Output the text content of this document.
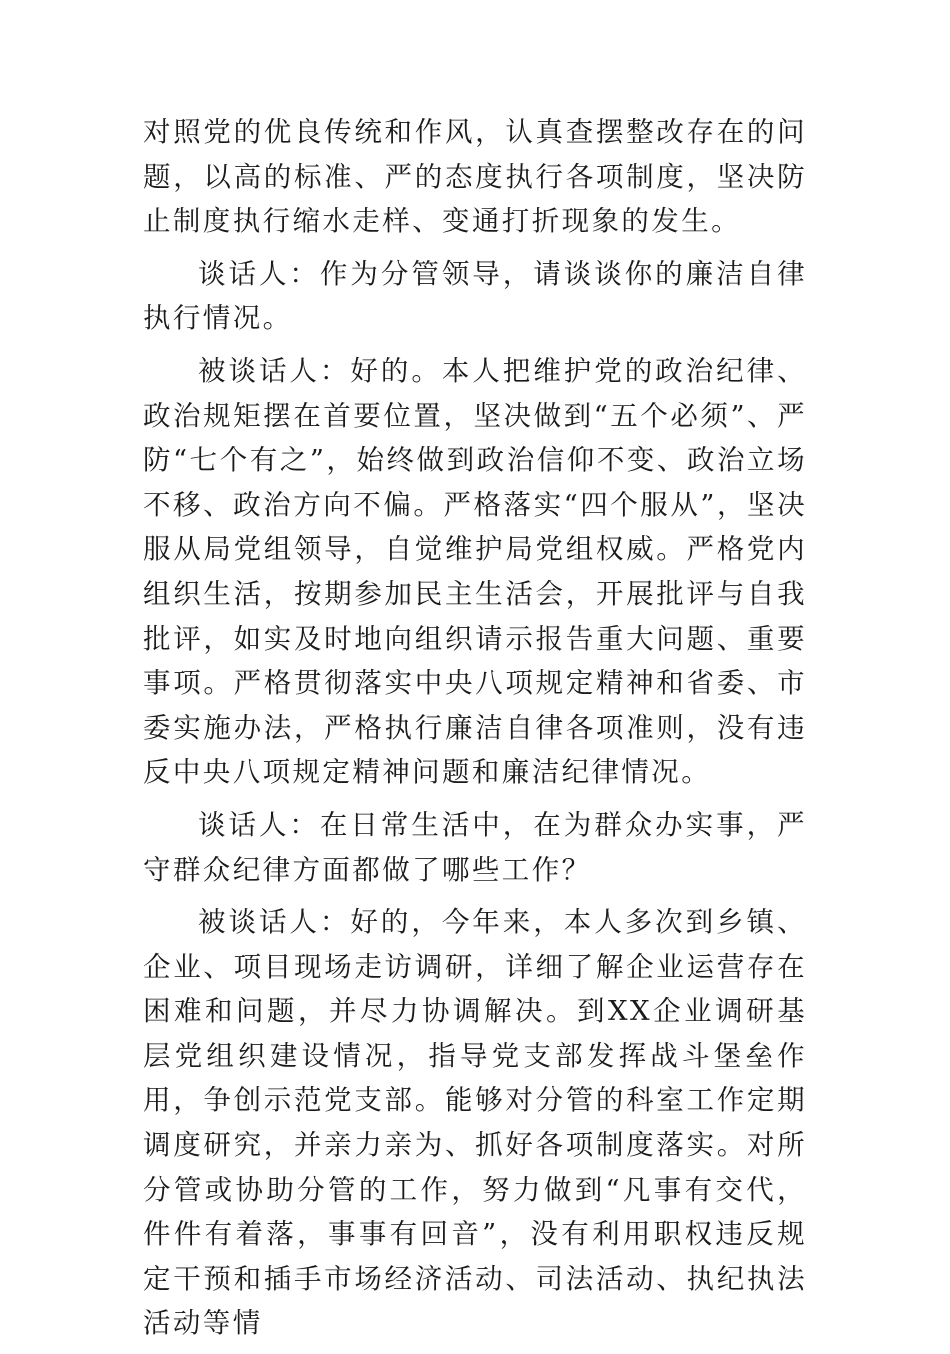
对照党的优良传统和作风，认真查摆整改存在的问题，以高的标准、严的态度执行各项制度，坚决防止制度执行缩水走样、变通打折现象的发生。

谈话人：作为分管领导，请谈谈你的廉洁自律执行情况。

被谈话人：好的。本人把维护党的政治纪律、政治规矩摆在首要位置，坚决做到“五个必须”、严防“七个有之”，始终做到政治信仰不变、政治立场不移、政治方向不偏。严格落实“四个服从”，坚决服从局党组领导，自觉维护局党组权威。严格党内组织生活，按期参加民主生活会，开展批评与自我批评，如实及时地向组织请示报告重大问题、重要事项。严格贯彻落实中央八项规定精神和省委、市委实施办法，严格执行廉洁自律各项准则，没有违反中央八项规定精神问题和廉洁纪律情况。

谈话人：在日常生活中，在为群众办实事，严守群众纪律方面都做了哪些工作？

被谈话人：好的，今年来，本人多次到乡镇、企业、项目现场走访调研，详细了解企业运营存在困难和问题，并尽力协调解决。到XX企业调研基层党组织建设情况，指导党支部发挥战斗堡垒作用，争创示范党支部。能够对分管的科室工作定期调度研究，并亲力亲为、抓好各项制度落实。对所分管或协助分管的工作，努力做到“凡事有交代，件件有着落，事事有回音”，没有利用职权违反规定干预和插手市场经济活动、司法活动、执纪执法活动等情
